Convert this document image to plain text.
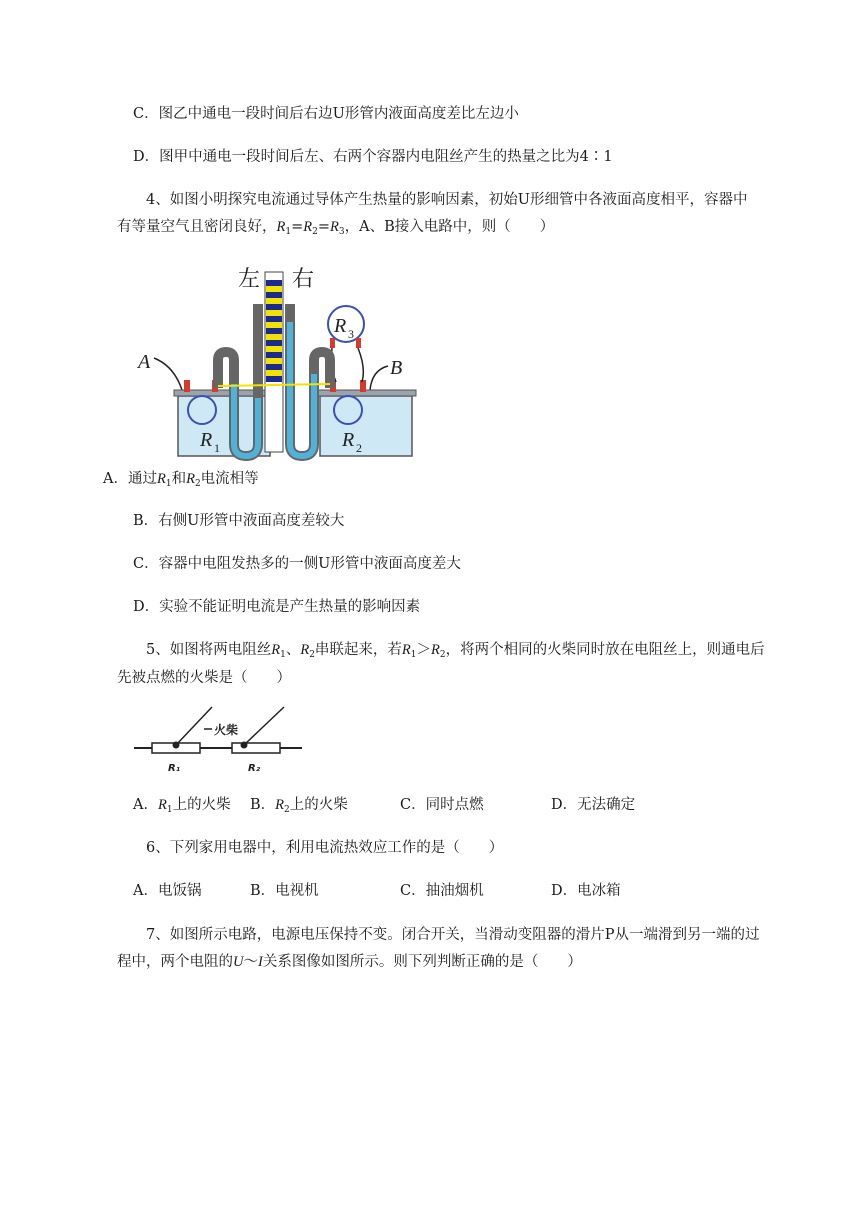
C．图乙中通电一段时间后右边U形管内液面高度差比左边小
D．图甲中通电一段时间后左、右两个容器内电阻丝产生的热量之比为4∶1
4、如图小明探究电流通过导体产生热量的影响因素，初始U形细管中各液面高度相平，容器中
有等量空气且密闭良好，$R_1=R_2=R_3$，A、B接入电路中，则（　　）
左 右
A	B
R 1	R 2
R 3
A．通过$R_1$和$R_2$电流相等
B．右侧U形管中液面高度差较大
C．容器中电阻发热多的一侧U形管中液面高度差大
D．实验不能证明电流是产生热量的影响因素
5、如图将两电阻丝$R_1$、$R_2$串联起来，若$R_1>R_2$，将两个相同的火柴同时放在电阻丝上，则通电后
先被点燃的火柴是（　　）
火柴
R₁	R₂
A．$R_1$上的火柴 B．$R_2$上的火柴	C．同时点燃	D．无法确定
6、下列家用电器中，利用电流热效应工作的是（　　）
A．电饭锅	B．电视机	C．抽油烟机	D．电冰箱
7、如图所示电路，电源电压保持不变。闭合开关，当滑动变阻器的滑片P从一端滑到另一端的过
程中，两个电阻的U～I关系图像如图所示。则下列判断正确的是（　　）
